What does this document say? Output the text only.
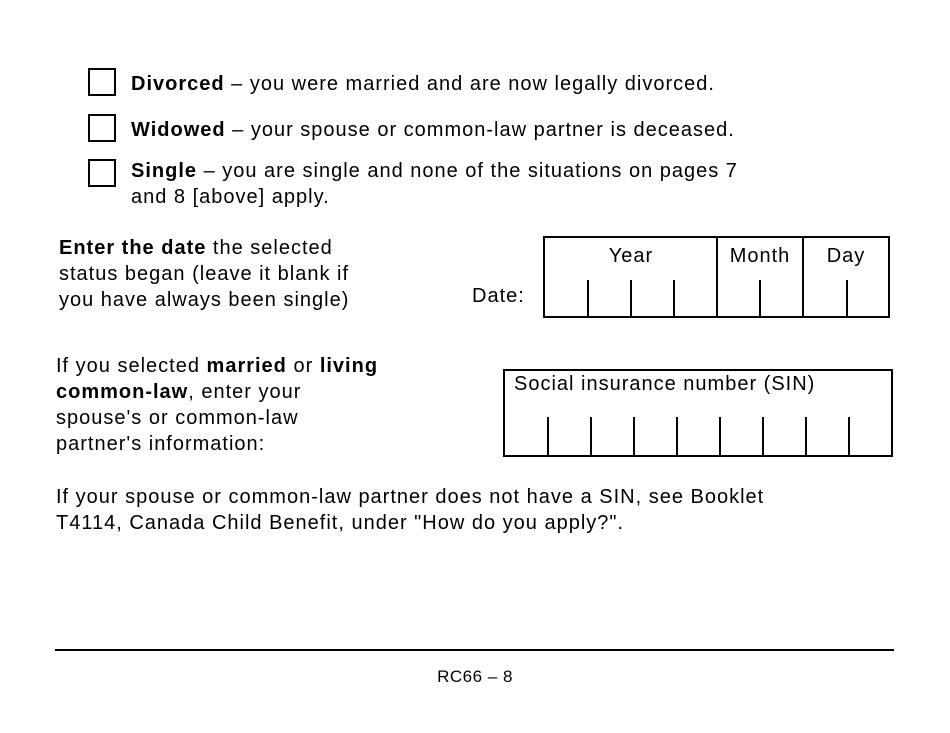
Divorced – you were married and are now legally divorced.
Widowed – your spouse or common-law partner is deceased.
Single – you are single and none of the situations on pages 7
and 8 [above] apply.
Enter the date the selected
status began (leave it blank if
you have always been single)	Date:
Year	Month	Day
If you selected married or living
common-law, enter your
spouse's or common-law
partner's information:
Social insurance number (SIN)
If your spouse or common-law partner does not have a SIN, see Booklet
T4114, Canada Child Benefit, under "How do you apply?".
RC66 – 8
